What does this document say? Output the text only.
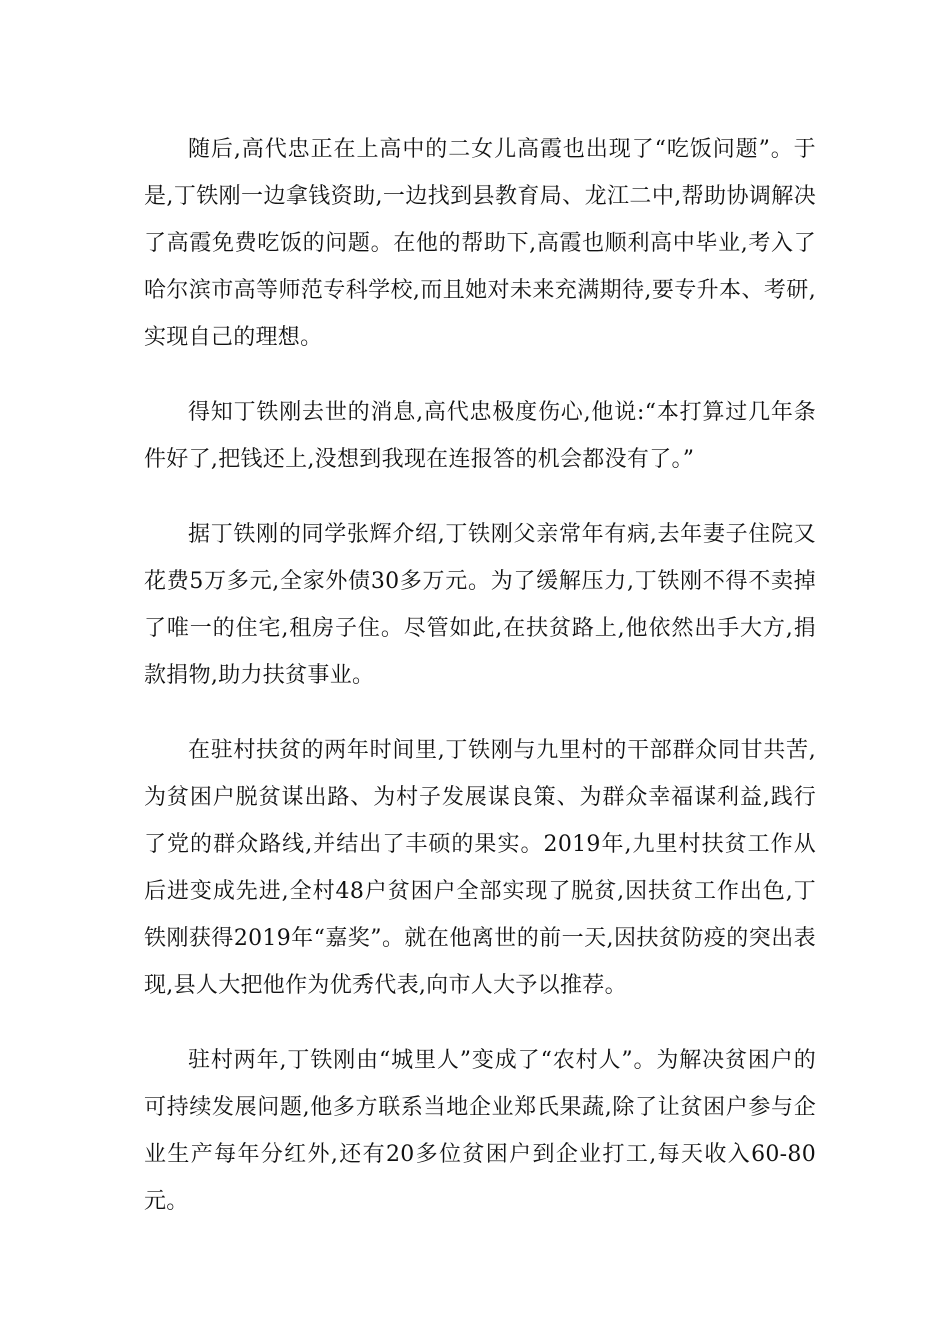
随后,高代忠正在上高中的二女儿高霞也出现了“吃饭问题”。于是,丁铁刚一边拿钱资助,一边找到县教育局、龙江二中,帮助协调解决了高霞免费吃饭的问题。在他的帮助下,高霞也顺利高中毕业,考入了哈尔滨市高等师范专科学校,而且她对未来充满期待,要专升本、考研,实现自己的理想。

得知丁铁刚去世的消息,高代忠极度伤心,他说:“本打算过几年条件好了,把钱还上,没想到我现在连报答的机会都没有了。”

据丁铁刚的同学张辉介绍,丁铁刚父亲常年有病,去年妻子住院又花费5万多元,全家外债30多万元。为了缓解压力,丁铁刚不得不卖掉了唯一的住宅,租房子住。尽管如此,在扶贫路上,他依然出手大方,捐款捐物,助力扶贫事业。

在驻村扶贫的两年时间里,丁铁刚与九里村的干部群众同甘共苦,为贫困户脱贫谋出路、为村子发展谋良策、为群众幸福谋利益,践行了党的群众路线,并结出了丰硕的果实。2019年,九里村扶贫工作从后进变成先进,全村48户贫困户全部实现了脱贫,因扶贫工作出色,丁铁刚获得2019年“嘉奖”。就在他离世的前一天,因扶贫防疫的突出表现,县人大把他作为优秀代表,向市人大予以推荐。

驻村两年,丁铁刚由“城里人”变成了“农村人”。为解决贫困户的可持续发展问题,他多方联系当地企业郑氏果蔬,除了让贫困户参与企业生产每年分红外,还有20多位贫困户到企业打工,每天收入60-80元。
